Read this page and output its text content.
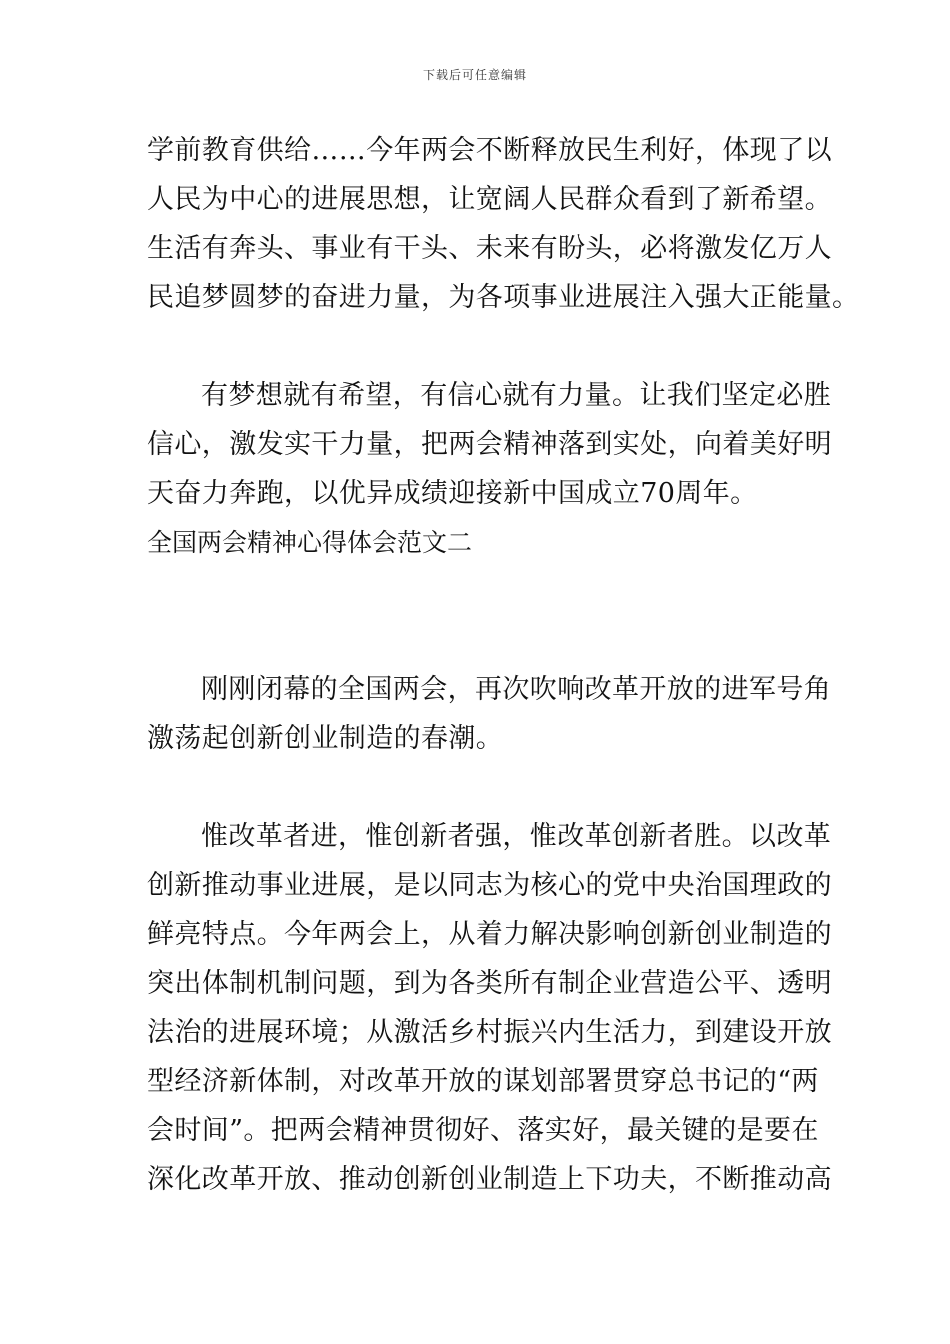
下载后可任意编辑
学前教育供给……今年两会不断释放民生利好，体现了以
人民为中心的进展思想，让宽阔人民群众看到了新希望。
生活有奔头、事业有干头、未来有盼头，必将激发亿万人
民追梦圆梦的奋进力量，为各项事业进展注入强大正能量。
有梦想就有希望，有信心就有力量。让我们坚定必胜
信心，激发实干力量，把两会精神落到实处，向着美好明
天奋力奔跑，以优异成绩迎接新中国成立70周年。
全国两会精神心得体会范文二
刚刚闭幕的全国两会，再次吹响改革开放的进军号角
激荡起创新创业制造的春潮。
惟改革者进，惟创新者强，惟改革创新者胜。以改革
创新推动事业进展，是以同志为核心的党中央治国理政的
鲜亮特点。今年两会上，从着力解决影响创新创业制造的
突出体制机制问题，到为各类所有制企业营造公平、透明
法治的进展环境；从激活乡村振兴内生活力，到建设开放
型经济新体制，对改革开放的谋划部署贯穿总书记的“两
会时间”。把两会精神贯彻好、落实好，最关键的是要在
深化改革开放、推动创新创业制造上下功夫，不断推动高
